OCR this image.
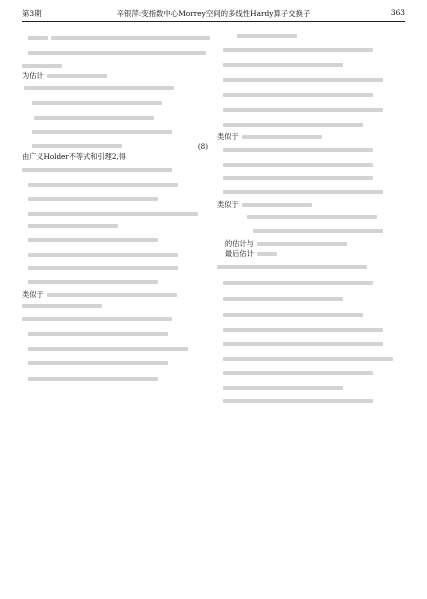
第3期	辛银萍:变指数中心Morrey空间的多线性Hardy算子交换子	363
为估计
(8)
由广义Holder不等式和引理2,得
类似于
类似于
类似于
的估计与
最后估计
